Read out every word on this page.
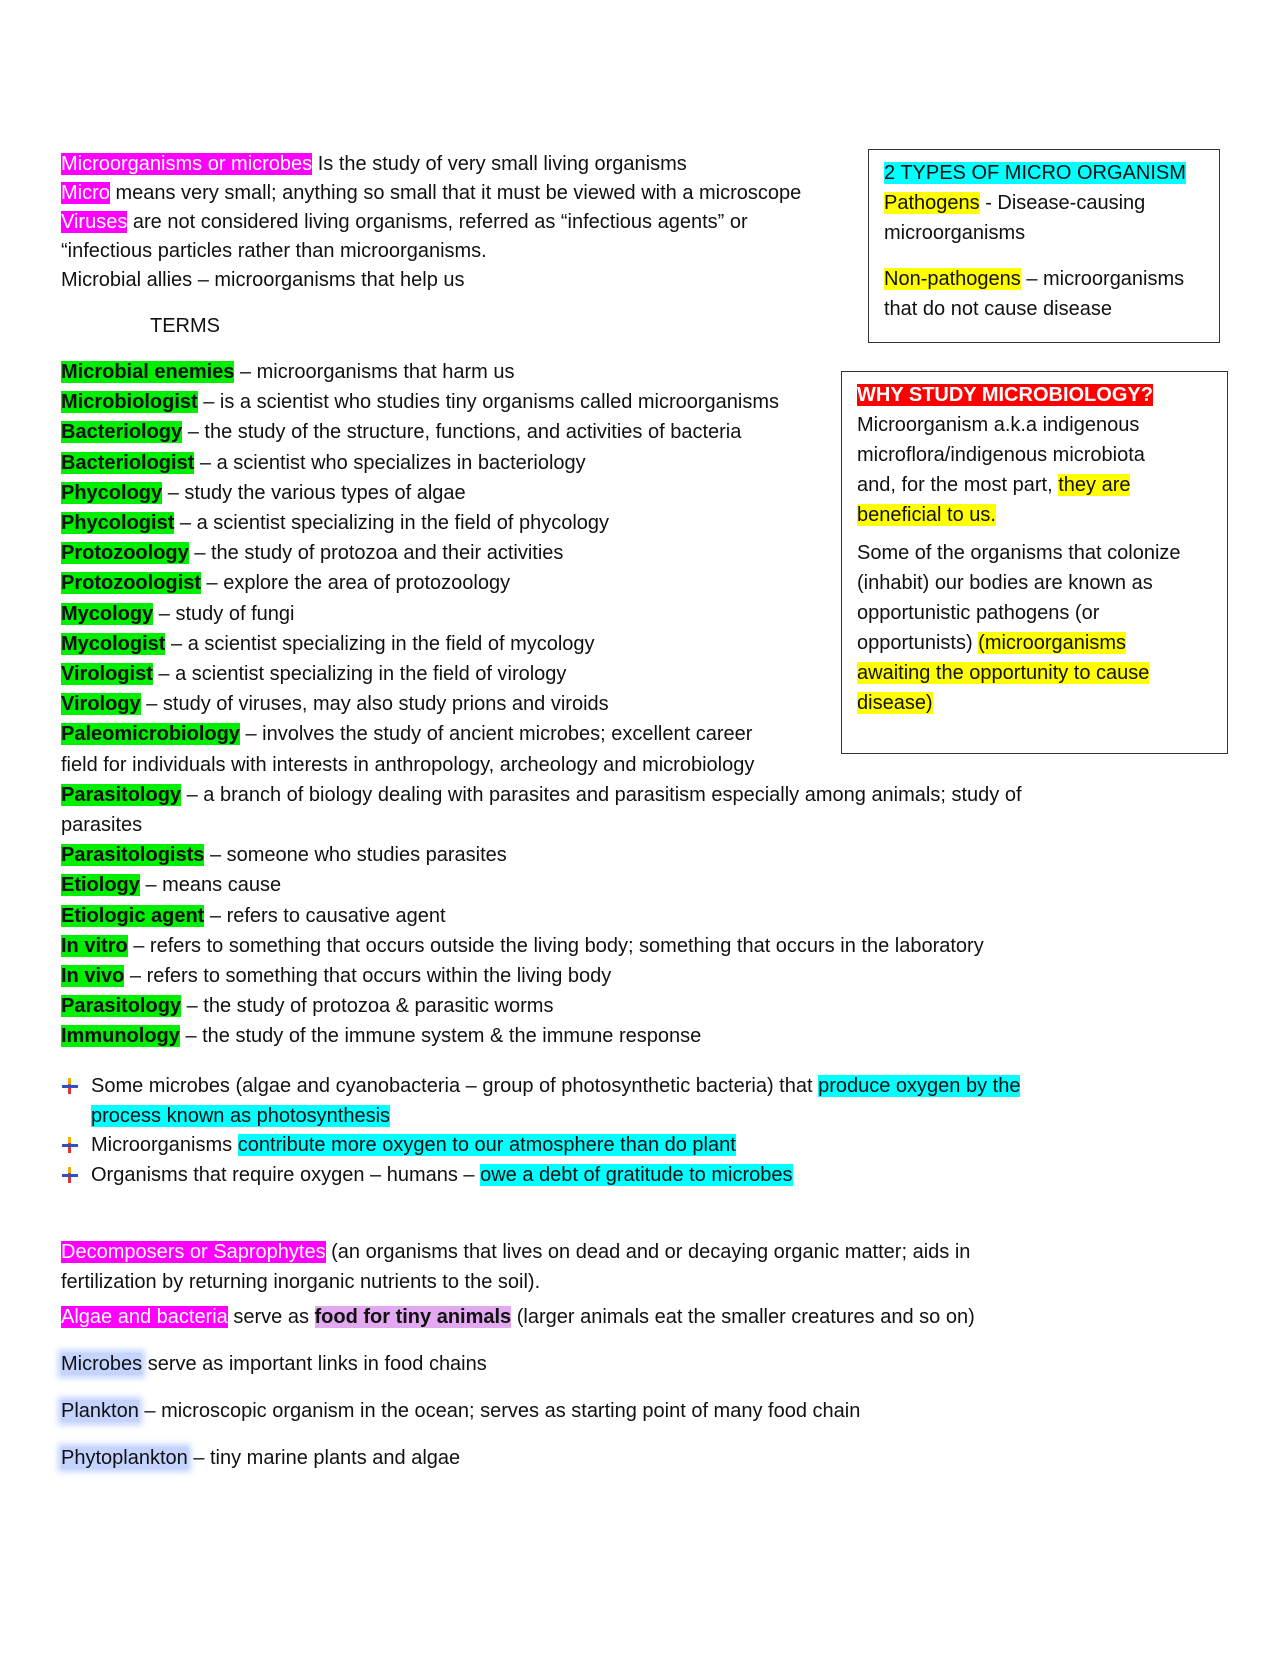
Microorganisms or microbes Is the study of very small living organisms
Micro means very small; anything so small that it must be viewed with a microscope
Viruses are not considered living organisms, referred as “infectious agents” or
“infectious particles rather than microorganisms.
Microbial allies – microorganisms that help us
TERMS
Microbial enemies – microorganisms that harm us
Microbiologist – is a scientist who studies tiny organisms called microorganisms
Bacteriology – the study of the structure, functions, and activities of bacteria
Bacteriologist – a scientist who specializes in bacteriology
Phycology – study the various types of algae
Phycologist – a scientist specializing in the field of phycology
Protozoology – the study of protozoa and their activities
Protozoologist – explore the area of protozoology
Mycology – study of fungi
Mycologist – a scientist specializing in the field of mycology
Virologist – a scientist specializing in the field of virology
Virology – study of viruses, may also study prions and viroids
Paleomicrobiology – involves the study of ancient microbes; excellent career
field for individuals with interests in anthropology, archeology and microbiology
Parasitology – a branch of biology dealing with parasites and parasitism especially among animals; study of
parasites
Parasitologists – someone who studies parasites
Etiology – means cause
Etiologic agent – refers to causative agent
In vitro – refers to something that occurs outside the living body; something that occurs in the laboratory
In vivo – refers to something that occurs within the living body
Parasitology – the study of protozoa & parasitic worms
Immunology – the study of the immune system & the immune response

2 TYPES OF MICRO ORGANISM

Pathogens - Disease-causing

microorganisms

Non-pathogens – microorganisms

that do not cause disease

WHY STUDY MICROBIOLOGY?

Microorganism a.k.a indigenous

microflora/indigenous microbiota

and, for the most part, they are

beneficial to us.

Some of the organisms that colonize

(inhabit) our bodies are known as

opportunistic pathogens (or

opportunists) (microorganisms

awaiting the opportunity to cause

disease)

Some microbes (algae and cyanobacteria – group of photosynthetic bacteria) that produce oxygen by the
process known as photosynthesis
Microorganisms contribute more oxygen to our atmosphere than do plant
Organisms that require oxygen – humans – owe a debt of gratitude to microbes
Decomposers or Saprophytes (an organisms that lives on dead and or decaying organic matter; aids in
fertilization by returning inorganic nutrients to the soil).
Algae and bacteria serve as food for tiny animals (larger animals eat the smaller creatures and so on)
Microbes serve as important links in food chains
Plankton – microscopic organism in the ocean; serves as starting point of many food chain
Phytoplankton – tiny marine plants and algae
